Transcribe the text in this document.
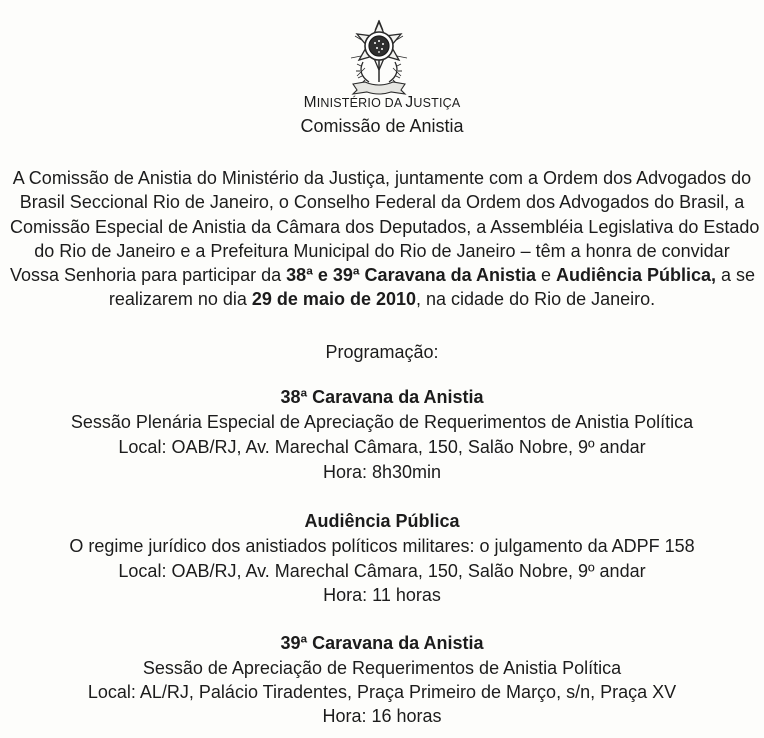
MINISTÉRIO DA JUSTIÇA
Comissão de Anistia
A Comissão de Anistia do Ministério da Justiça, juntamente com a Ordem dos Advogados do
Brasil Seccional Rio de Janeiro, o Conselho Federal da Ordem dos Advogados do Brasil, a
Comissão Especial de Anistia da Câmara dos Deputados, a Assembléia Legislativa do Estado
do Rio de Janeiro e a Prefeitura Municipal do Rio de Janeiro – têm a honra de convidar
Vossa Senhoria para participar da 38ª e 39ª Caravana da Anistia e Audiência Pública, a se
realizarem no dia 29 de maio de 2010, na cidade do Rio de Janeiro.
Programação:
38ª Caravana da Anistia
Sessão Plenária Especial de Apreciação de Requerimentos de Anistia Política
Local: OAB/RJ, Av. Marechal Câmara, 150, Salão Nobre, 9º andar
Hora: 8h30min
Audiência Pública
O regime jurídico dos anistiados políticos militares: o julgamento da ADPF 158
Local: OAB/RJ, Av. Marechal Câmara, 150, Salão Nobre, 9º andar
Hora: 11 horas
39ª Caravana da Anistia
Sessão de Apreciação de Requerimentos de Anistia Política
Local: AL/RJ, Palácio Tiradentes, Praça Primeiro de Março, s/n, Praça XV
Hora: 16 horas
